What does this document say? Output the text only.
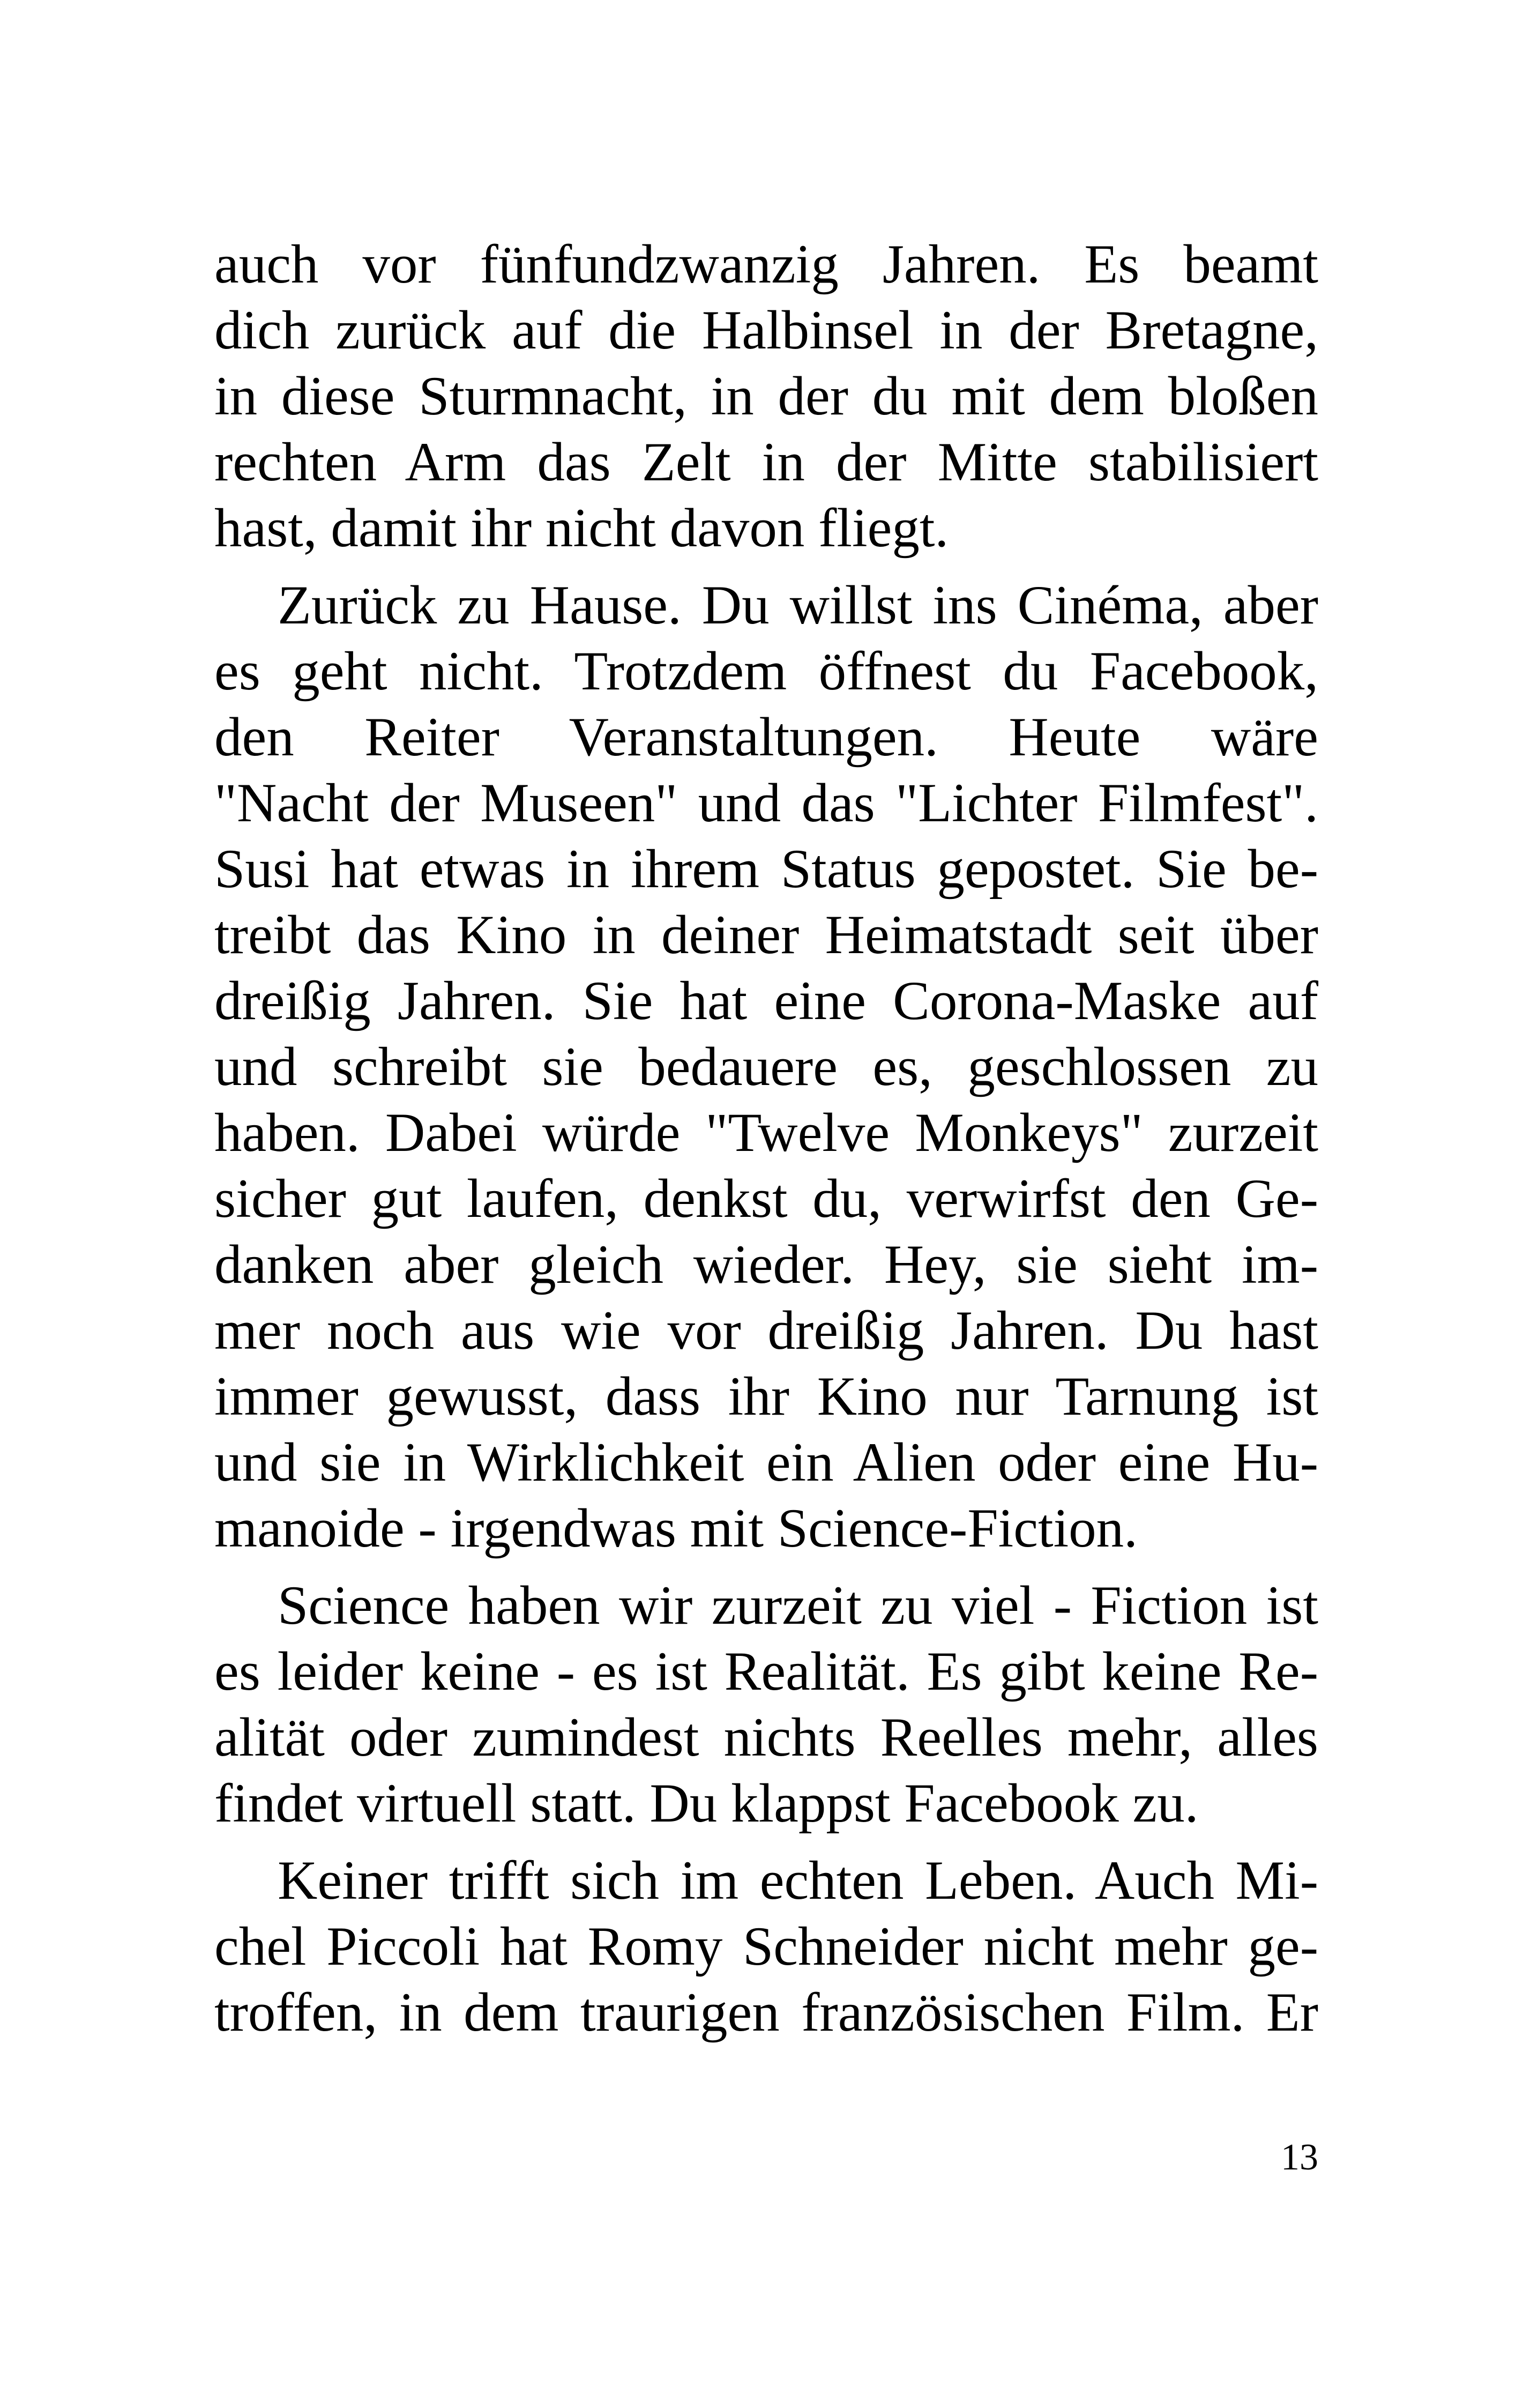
auch vor fünfundzwanzig Jahren. Es beamt
dich zurück auf die Halbinsel in der Bretagne,
in diese Sturmnacht, in der du mit dem bloßen
rechten Arm das Zelt in der Mitte stabilisiert
hast, damit ihr nicht davon fliegt.
Zurück zu Hause. Du willst ins Cinéma, aber
es geht nicht. Trotzdem öffnest du Facebook,
den Reiter Veranstaltungen. Heute wäre
"Nacht der Museen" und das "Lichter Filmfest".
Susi hat etwas in ihrem Status gepostet. Sie be-
treibt das Kino in deiner Heimatstadt seit über
dreißig Jahren. Sie hat eine Corona-Maske auf
und schreibt sie bedauere es, geschlossen zu
haben. Dabei würde "Twelve Monkeys" zurzeit
sicher gut laufen, denkst du, verwirfst den Ge-
danken aber gleich wieder. Hey, sie sieht im-
mer noch aus wie vor dreißig Jahren. Du hast
immer gewusst, dass ihr Kino nur Tarnung ist
und sie in Wirklichkeit ein Alien oder eine Hu-
manoide - irgendwas mit Science-Fiction.
Science haben wir zurzeit zu viel - Fiction ist
es leider keine - es ist Realität. Es gibt keine Re-
alität oder zumindest nichts Reelles mehr, alles
findet virtuell statt. Du klappst Facebook zu.
Keiner trifft sich im echten Leben. Auch Mi-
chel Piccoli hat Romy Schneider nicht mehr ge-
troffen, in dem traurigen französischen Film. Er
13
